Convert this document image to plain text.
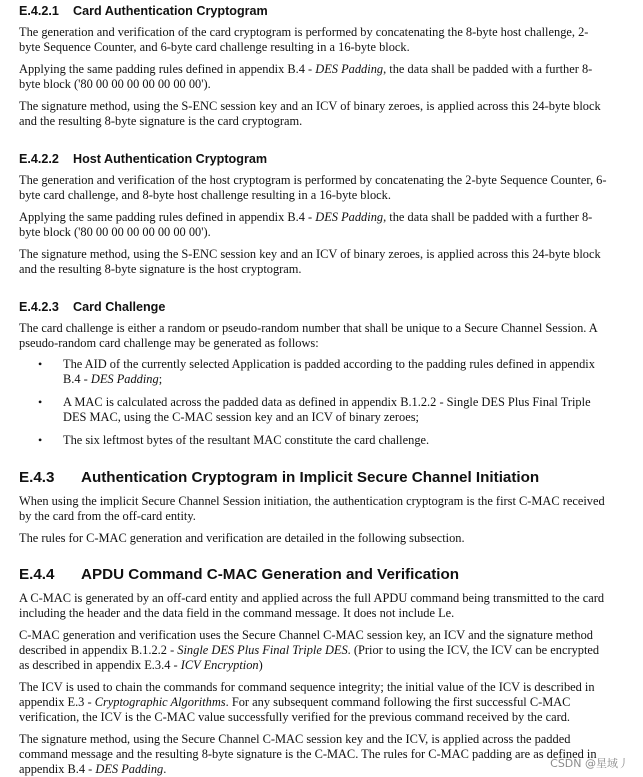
E.4.2.1 Card Authentication Cryptogram

The generation and verification of the card cryptogram is performed by concatenating the 8-byte host challenge, 2-byte Sequence Counter, and 6-byte card challenge resulting in a 16-byte block.

Applying the same padding rules defined in appendix B.4 - DES Padding, the data shall be padded with a further 8-byte block ('80 00 00 00 00 00 00 00').

The signature method, using the S-ENC session key and an ICV of binary zeroes, is applied across this 24-byte block and the resulting 8-byte signature is the card cryptogram.

E.4.2.2 Host Authentication Cryptogram

The generation and verification of the host cryptogram is performed by concatenating the 2-byte Sequence Counter, 6-byte card challenge, and 8-byte host challenge resulting in a 16-byte block.

Applying the same padding rules defined in appendix B.4 - DES Padding, the data shall be padded with a further 8-byte block ('80 00 00 00 00 00 00 00').

The signature method, using the S-ENC session key and an ICV of binary zeroes, is applied across this 24-byte block and the resulting 8-byte signature is the host cryptogram.

E.4.2.3 Card Challenge

The card challenge is either a random or pseudo-random number that shall be unique to a Secure Channel Session. A pseudo-random card challenge may be generated as follows:

• The AID of the currently selected Application is padded according to the padding rules defined in appendix B.4 - DES Padding;
• A MAC is calculated across the padded data as defined in appendix B.1.2.2 - Single DES Plus Final Triple DES MAC, using the C-MAC session key and an ICV of binary zeroes;
• The six leftmost bytes of the resultant MAC constitute the card challenge.
E.4.3 Authentication Cryptogram in Implicit Secure Channel Initiation

When using the implicit Secure Channel Session initiation, the authentication cryptogram is the first C-MAC received by the card from the off-card entity.

The rules for C-MAC generation and verification are detailed in the following subsection.

E.4.4 APDU Command C-MAC Generation and Verification

A C-MAC is generated by an off-card entity and applied across the full APDU command being transmitted to the card including the header and the data field in the command message. It does not include Le.

C-MAC generation and verification uses the Secure Channel C-MAC session key, an ICV and the signature method described in appendix B.1.2.2 - Single DES Plus Final Triple DES. (Prior to using the ICV, the ICV can be encrypted as described in appendix E.3.4 - ICV Encryption)

The ICV is used to chain the commands for command sequence integrity; the initial value of the ICV is described in appendix E.3 - Cryptographic Algorithms. For any subsequent command following the first successful C-MAC verification, the ICV is the C-MAC value successfully verified for the previous command received by the card.

The signature method, using the Secure Channel C-MAC session key and the ICV, is applied across the padded command message and the resulting 8-byte signature is the C-MAC. The rules for C-MAC padding are as defined in appendix B.4 - DES Padding.	CSDN @星域丿
